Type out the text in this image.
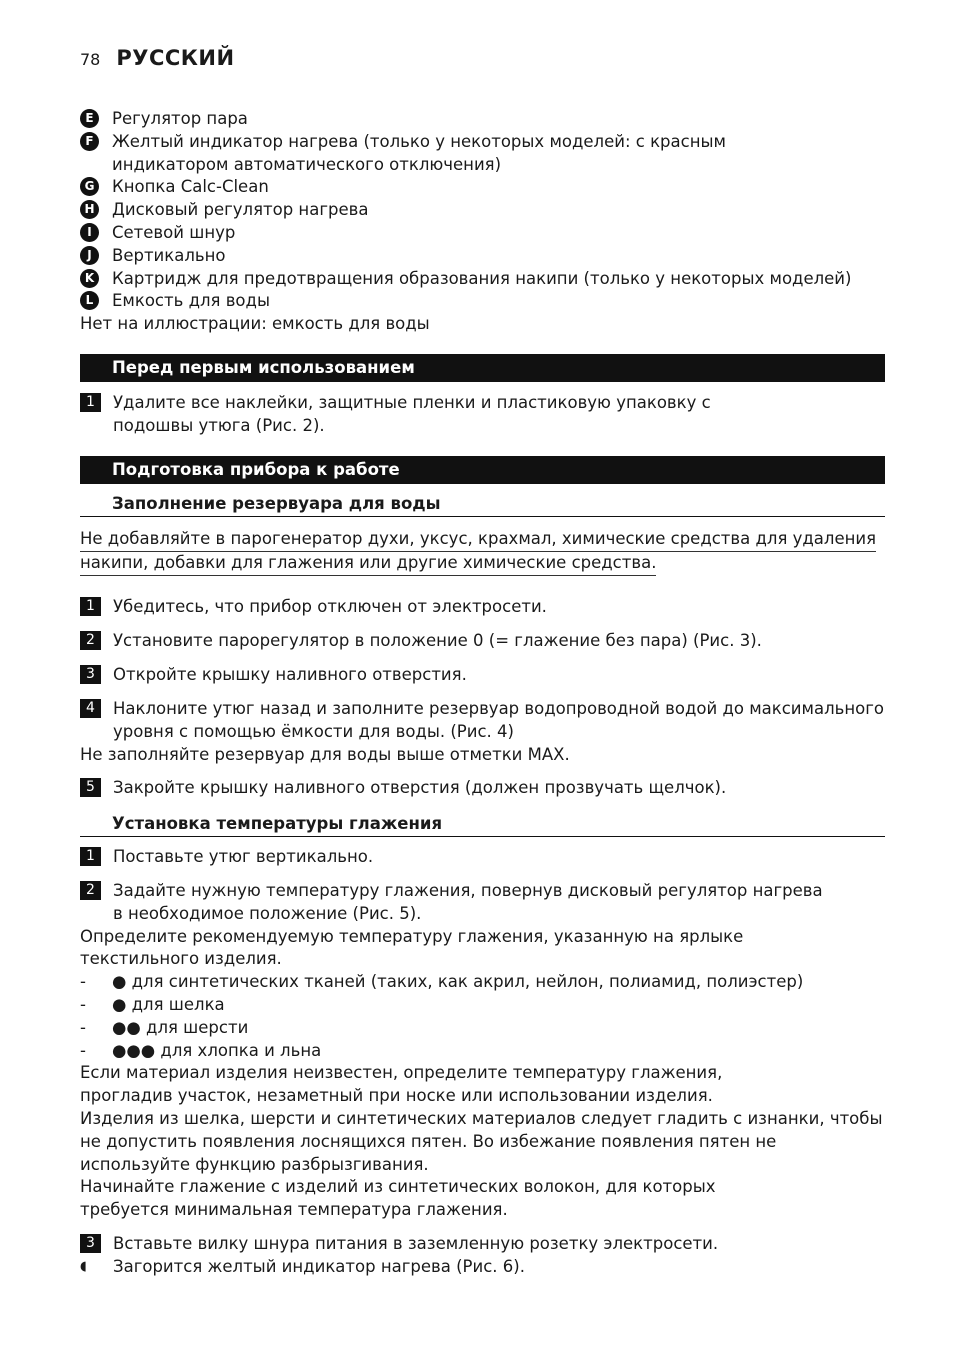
78 РУССКИЙ
E	Регулятор пара
F	Желтый индикатор нагрева (только у некоторых моделей: с красным индикатором автоматического отключения)
G Кнопка Calc-Clean
H Дисковый регулятор нагрева
I	Сетевой шнур
J	Вертикально
K Картридж для предотвращения образования накипи (только у некоторых моделей)
L	Емкость для воды
Нет на иллюстрации: емкость для воды
Перед первым использованием
1	Удалите все наклейки, защитные пленки и пластиковую упаковку с подошвы утюга (Рис. 2).
Подготовка прибора к работе
Заполнение резервуара для воды
Не добавляйте в парогенератор духи, уксус, крахмал, химические средства для удаления
накипи, добавки для глажения или другие химические средства.
1	Убедитесь, что прибор отключен от электросети.
2	Установите парорегулятор в положение 0 (= глажение без пара) (Рис. 3).
3	Откройте крышку наливного отверстия.
4	Наклоните утюг назад и заполните резервуар водопроводной водой до максимального уровня с помощью ёмкости для воды. (Рис. 4)
Не заполняйте резервуар для воды выше отметки MAX.
5	Закройте крышку наливного отверстия (должен прозвучать щелчок).
Установка температуры глажения
1	Поставьте утюг вертикально.
2	Задайте нужную температуру глажения, повернув дисковый регулятор нагрева в необходимое положение (Рис. 5).
Определите рекомендуемую температуру глажения, указанную на ярлыке текстильного изделия.
-	● для синтетических тканей (таких, как акрил, нейлон, полиамид, полиэстер)
-	● для шелка
-	●● для шерсти
-	●●● для хлопка и льна
Если материал изделия неизвестен, определите температуру глажения, прогладив участок, незаметный при носке или использовании изделия.
Изделия из шелка, шерсти и синтетических материалов следует гладить с изнанки, чтобы не допустить появления лоснящихся пятен. Во избежание появления пятен не используйте функцию разбрызгивания.
Начинайте глажение с изделий из синтетических волокон, для которых требуется минимальная температура глажения.
3	Вставьте вилку шнура питания в заземленную розетку электросети.
◖	Загорится желтый индикатор нагрева (Рис. 6).
